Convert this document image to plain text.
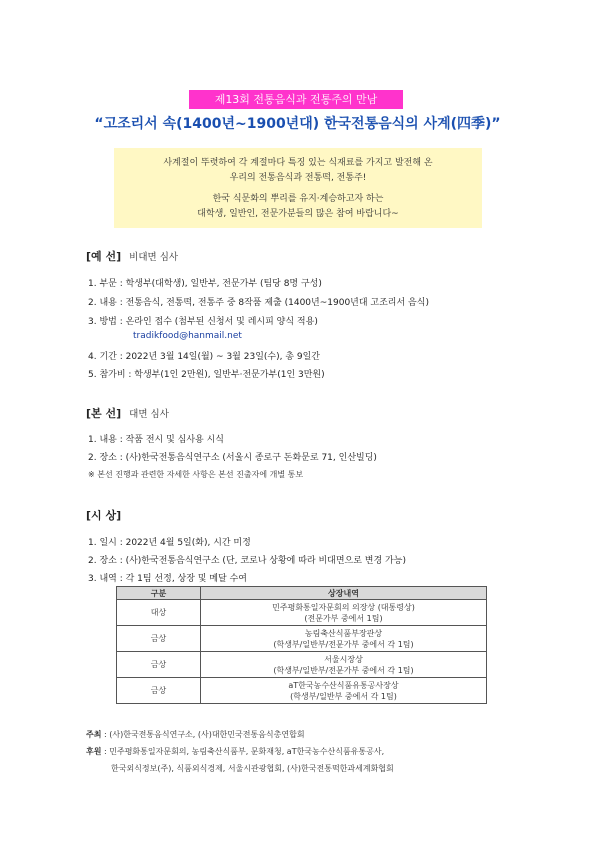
제13회 전통음식과 전통주의 만남
“고조리서 속(1400년~1900년대) 한국전통음식의 사계(四季)”

사계절이 뚜렷하여 각 계절마다 특징 있는 식재료를 가지고 발전해 온

우리의 전통음식과 전통떡, 전통주!

한국 식문화의 뿌리를 유지·계승하고자 하는

대학생, 일반인, 전문가분들의 많은 참여 바랍니다~

[예 선] 비대면 심사
1. 부문 : 학생부(대학생), 일반부, 전문가부 (팀당 8명 구성)
2. 내용 : 전통음식, 전통떡, 전통주 중 8작품 제출 (1400년~1900년대 고조리서 음식)
3. 방법 : 온라인 접수 (첨부된 신청서 및 레시피 양식 적용)
tradikfood@hanmail.net
4. 기간 : 2022년 3월 14일(월) ~ 3월 23일(수), 총 9일간
5. 참가비 : 학생부(1인 2만원), 일반부·전문가부(1인 3만원)
[본 선] 대면 심사
1. 내용 : 작품 전시 및 심사용 시식
2. 장소 : (사)한국전통음식연구소 (서울시 종로구 돈화문로 71, 인산빌딩)
※ 본선 진행과 관련한 자세한 사항은 본선 진출자에 개별 통보
[시 상]
1. 일시 : 2022년 4월 5일(화), 시간 미정
2. 장소 : (사)한국전통음식연구소 (단, 코로나 상황에 따라 비대면으로 변경 가능)
3. 내역 : 각 1팀 선정, 상장 및 메달 수여
구분	상장내역
대상	민주평화통일자문회의 의장상 (대통령상)
(전문가부 중에서 1팀)
금상	농림축산식품부장관상
(학생부/일반부/전문가부 중에서 각 1팀)
금상	서울시장상
(학생부/일반부/전문가부 중에서 각 1팀)
금상	aT한국농수산식품유통공사장상
(학생부/일반부 중에서 각 1팀)
주최 : (사)한국전통음식연구소, (사)대한민국전통음식총연합회
후원 : 민주평화통일자문회의, 농림축산식품부, 문화재청, aT한국농수산식품유통공사,
한국외식정보(주), 식품외식경제, 서울시관광협회, (사)한국전통떡한과세계화협회
